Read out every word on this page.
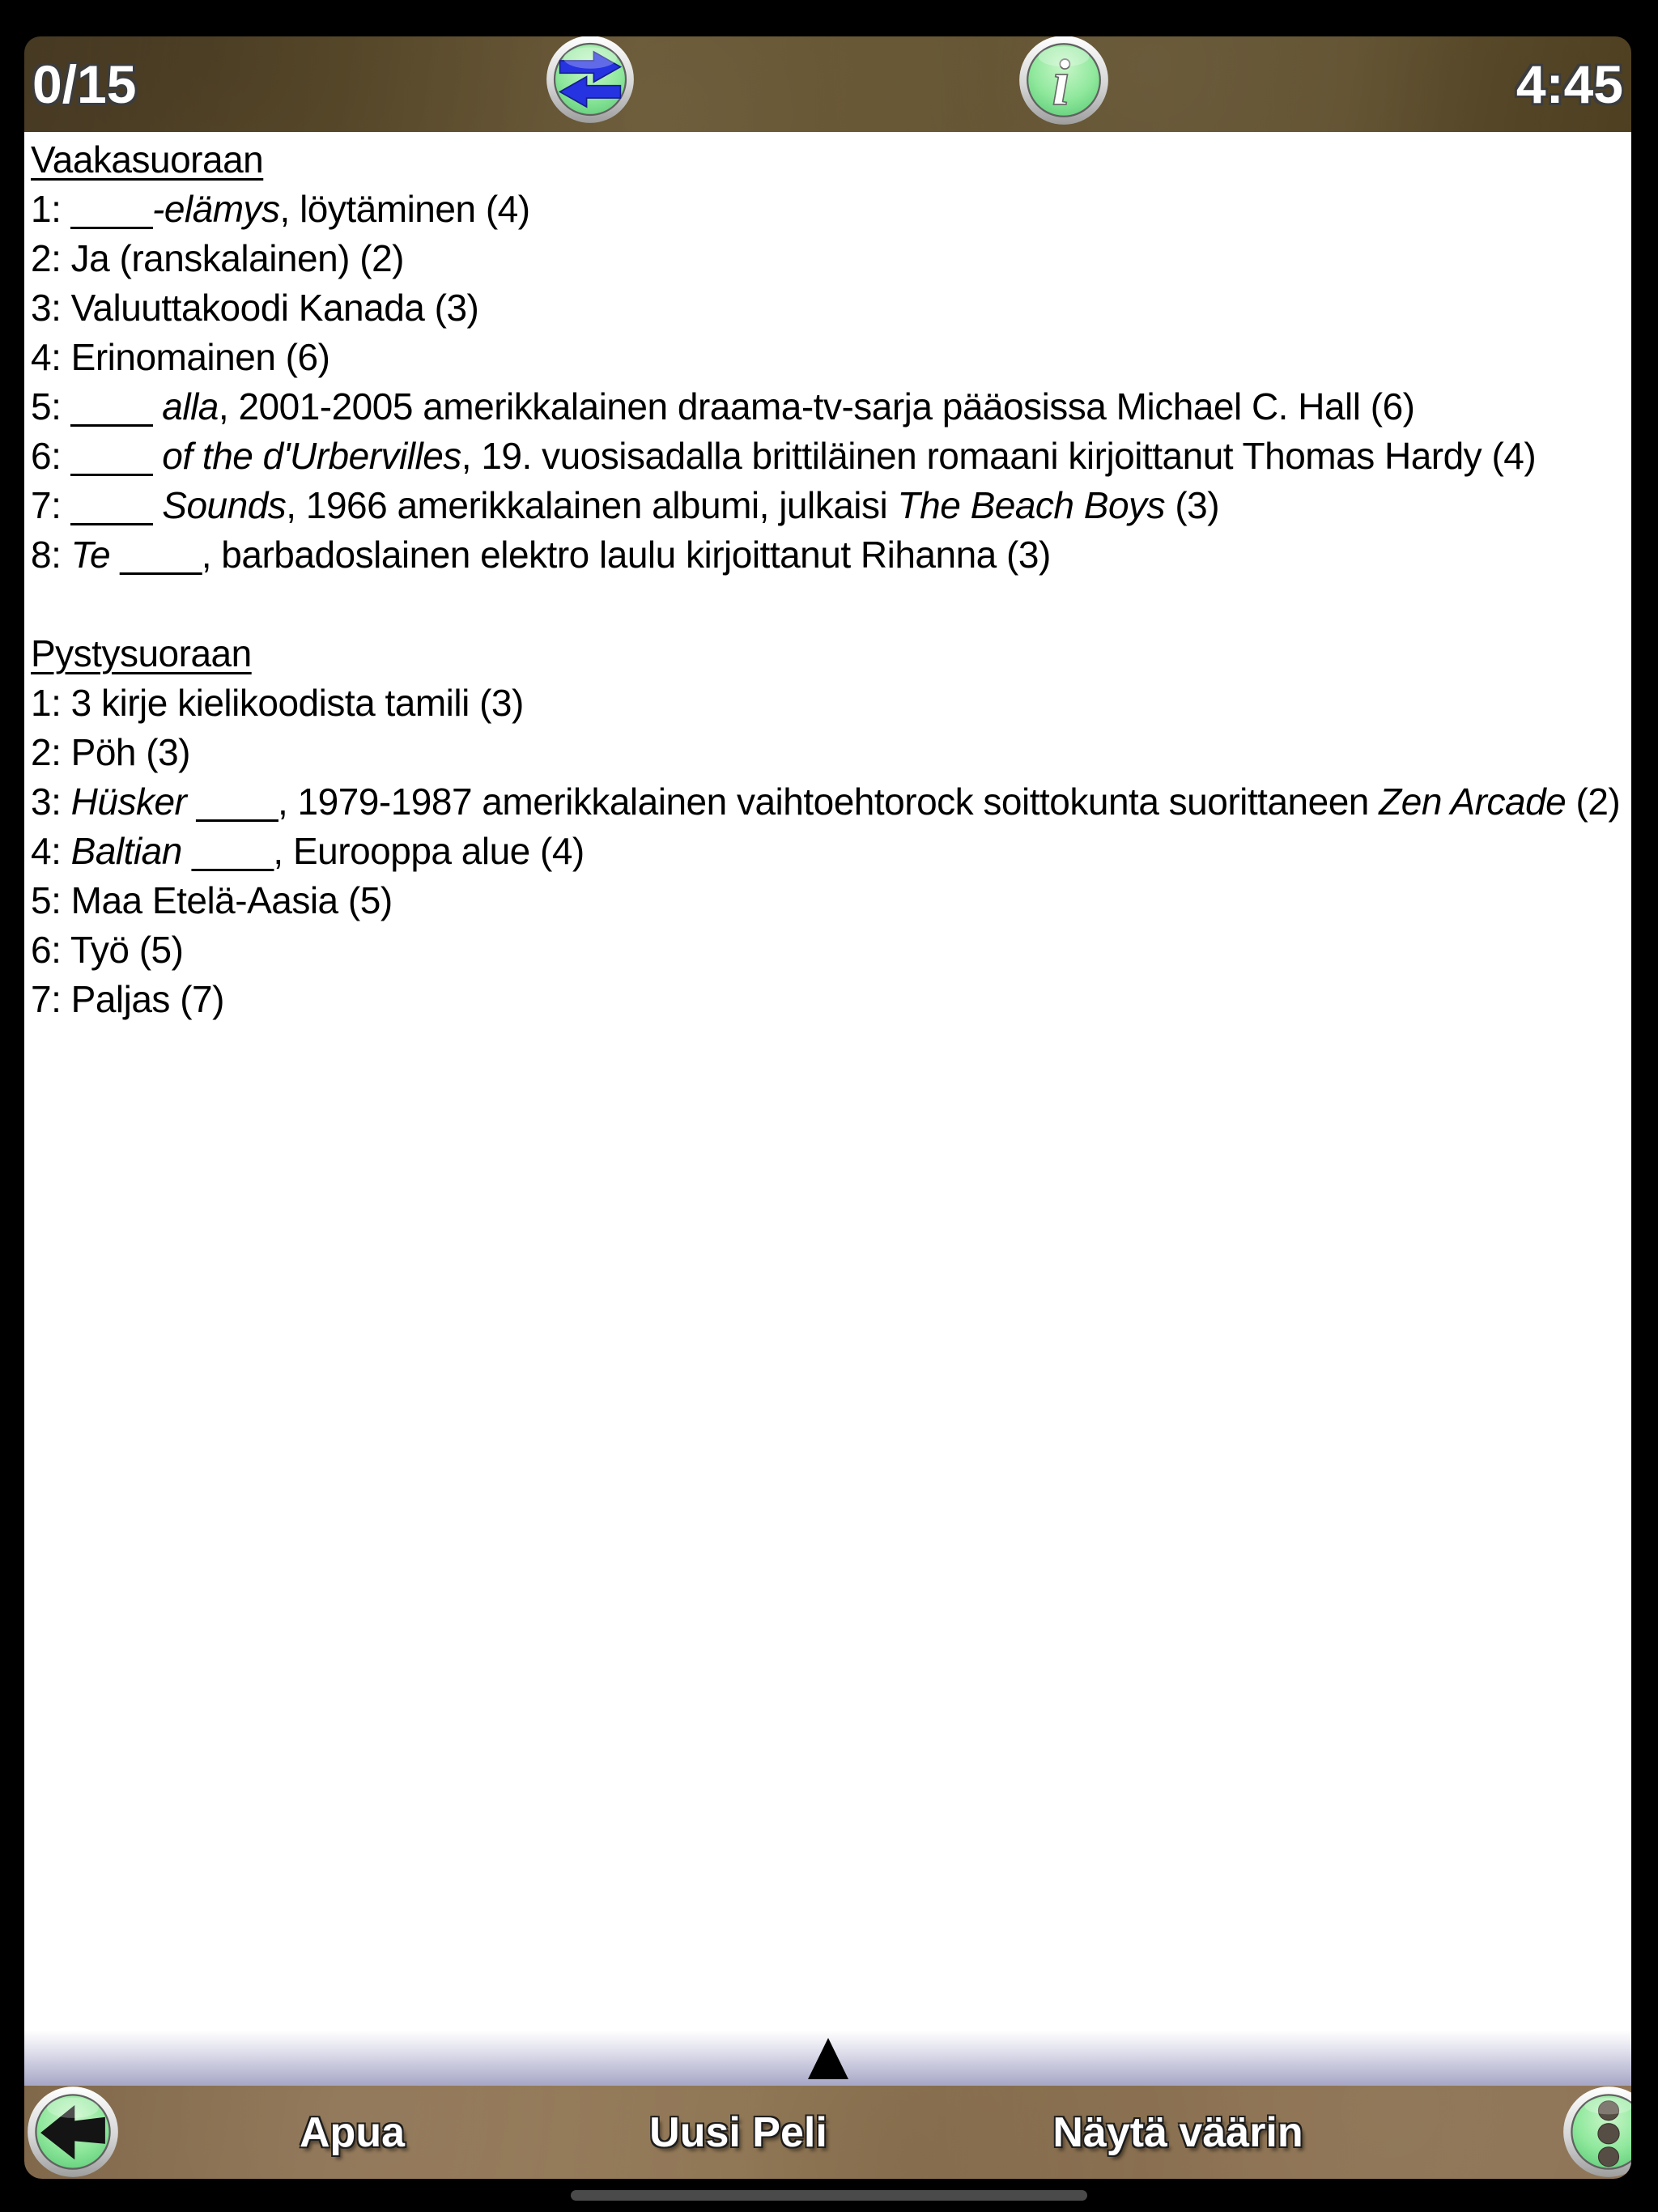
0/15	i	4:45
Vaakasuoraan
1: ____-elämys, löytäminen (4)
2: Ja (ranskalainen) (2)
3: Valuuttakoodi Kanada (3)
4: Erinomainen (6)
5: ____ alla, 2001-2005 amerikkalainen draama-tv-sarja pääosissa Michael C. Hall (6)
6: ____ of the d'Urbervilles, 19. vuosisadalla brittiläinen romaani kirjoittanut Thomas Hardy (4)
7: ____ Sounds, 1966 amerikkalainen albumi, julkaisi The Beach Boys (3)
8: Te ____, barbadoslainen elektro laulu kirjoittanut Rihanna (3)
Pystysuoraan
1: 3 kirje kielikoodista tamili (3)
2: Pöh (3)
3: Hüsker ____, 1979-1987 amerikkalainen vaihtoehtorock soittokunta suorittaneen Zen Arcade (2)
4: Baltian ____, Eurooppa alue (4)
5: Maa Etelä-Aasia (5)
6: Työ (5)
7: Paljas (7)
Apua	Uusi Peli	Näytä väärin
